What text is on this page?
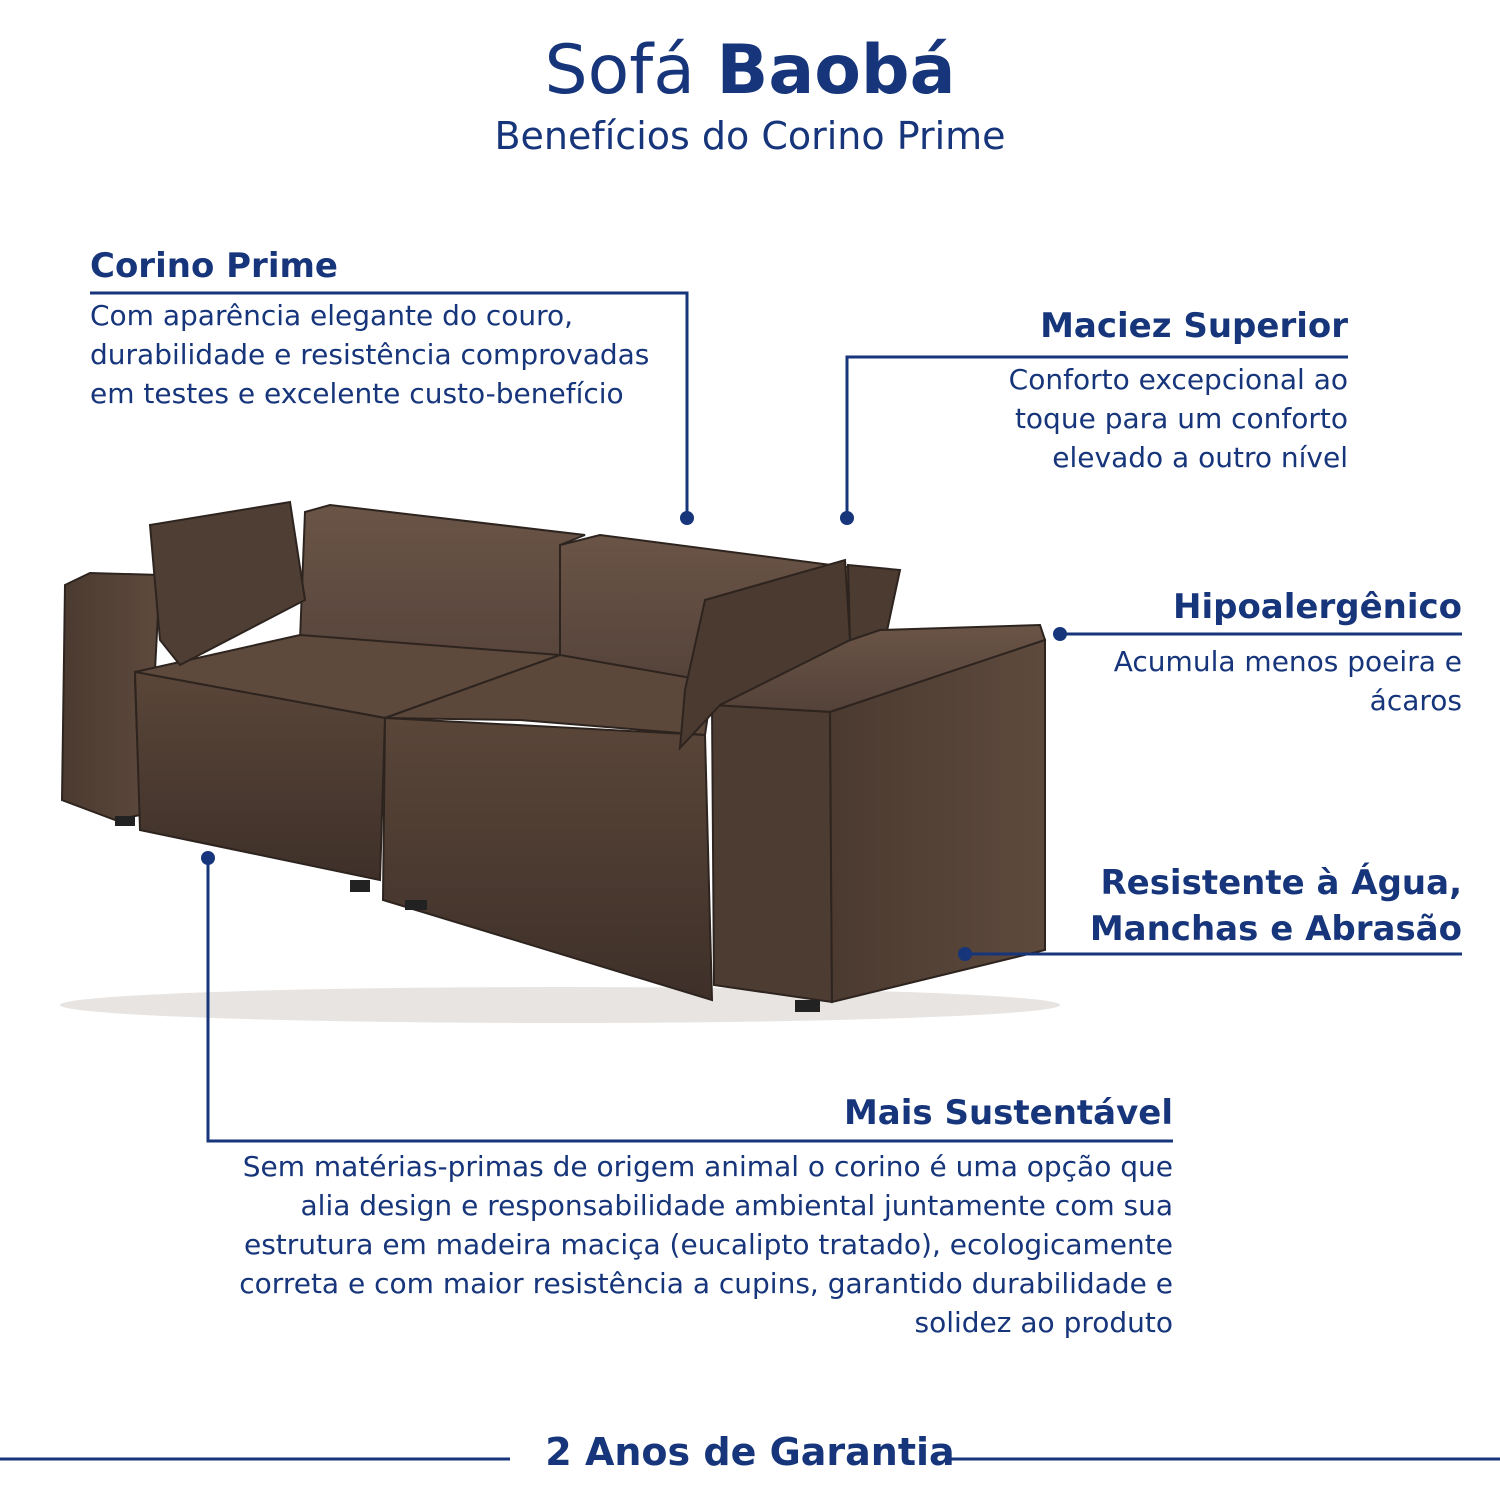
Sofá Baobá
Benefícios do Corino Prime
Corino Prime
Com aparência elegante do couro, durabilidade e resistência comprovadas em testes e excelente custo-benefício
Maciez Superior
Conforto excepcional ao toque para um conforto elevado a outro nível
Hipoalergênico
Acumula menos poeira e ácaros
Resistente à Água,
Manchas e Abrasão
Mais Sustentável
Sem matérias-primas de origem animal o corino é uma opção que alia design e responsabilidade ambiental juntamente com sua estrutura em madeira maciça (eucalipto tratado), ecologicamente correta e com maior resistência a cupins, garantido durabilidade e solidez ao produto
2 Anos de Garantia
